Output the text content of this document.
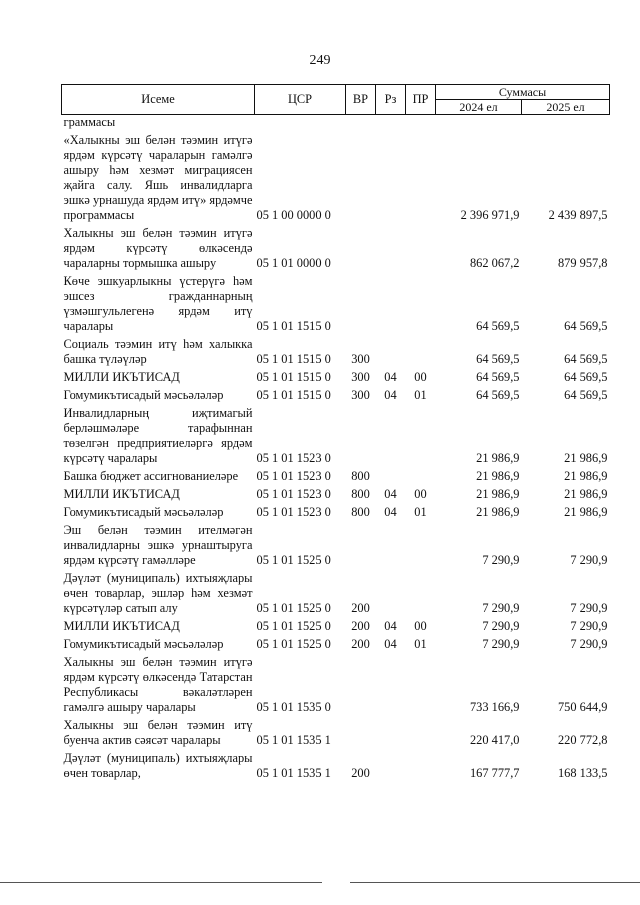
249
Исеме	ЦСР	ВР	Рз	ПР	Суммасы	
					2024 ел	2025 ел
граммасы						
«Халыкны эш белән тәэмин итүгә ярдәм күрсәтү чараларын гамәлгә ашыру һәм хезмәт миграциясен җайга салу. Яшь инвалидларга эшкә урнашуда ярдәм итү» ярдәмче программасы	05 1 00 0000 0				2 396 971,9	2 439 897,5
Халыкны эш белән тәэмин итүгә ярдәм күрсәтү өлкәсендә чараларны тормышка ашыру	05 1 01 0000 0				862 067,2	879 957,8
Көче эшкуарлыкны үстерүгә һәм эшсез гражданнарның үзмәшгульлегенә ярдәм итү чаралары	05 1 01 1515 0				64 569,5	64 569,5
Социаль тәэмин итү һәм халыкка башка түләүләр	05 1 01 1515 0	300			64 569,5	64 569,5
МИЛЛИ ИКЪТИСАД	05 1 01 1515 0	300	04	00	64 569,5	64 569,5
Гомумикътисадый мәсьәләләр	05 1 01 1515 0	300	04	01	64 569,5	64 569,5
Инвалидларның иҗтимагый берләшмәләре тарафыннан төзелгән предприятиеләргә ярдәм күрсәтү чаралары	05 1 01 1523 0				21 986,9	21 986,9
Башка бюджет ассигнованиеләре	05 1 01 1523 0	800			21 986,9	21 986,9
МИЛЛИ ИКЪТИСАД	05 1 01 1523 0	800	04	00	21 986,9	21 986,9
Гомумикътисадый мәсьәләләр	05 1 01 1523 0	800	04	01	21 986,9	21 986,9
Эш белән тәэмин ителмәгән инвалидларны эшкә урнаштыруга ярдәм күрсәтү гамәлләре	05 1 01 1525 0				7 290,9	7 290,9
Дәүләт (муниципаль) ихтыяҗлары өчен товарлар, эшләр һәм хезмәт күрсәтүләр сатып алу	05 1 01 1525 0	200			7 290,9	7 290,9
МИЛЛИ ИКЪТИСАД	05 1 01 1525 0	200	04	00	7 290,9	7 290,9
Гомумикътисадый мәсьәләләр	05 1 01 1525 0	200	04	01	7 290,9	7 290,9
Халыкны эш белән тәэмин итүгә ярдәм күрсәтү өлкәсендә Татарстан Республикасы вәкаләтләрен гамәлгә ашыру чаралары	05 1 01 1535 0				733 166,9	750 644,9
Халыкны эш белән тәэмин итү буенча актив сәясәт чаралары	05 1 01 1535 1				220 417,0	220 772,8
Дәүләт (муниципаль) ихтыяҗлары өчен товарлар,	05 1 01 1535 1	200			167 777,7	168 133,5
